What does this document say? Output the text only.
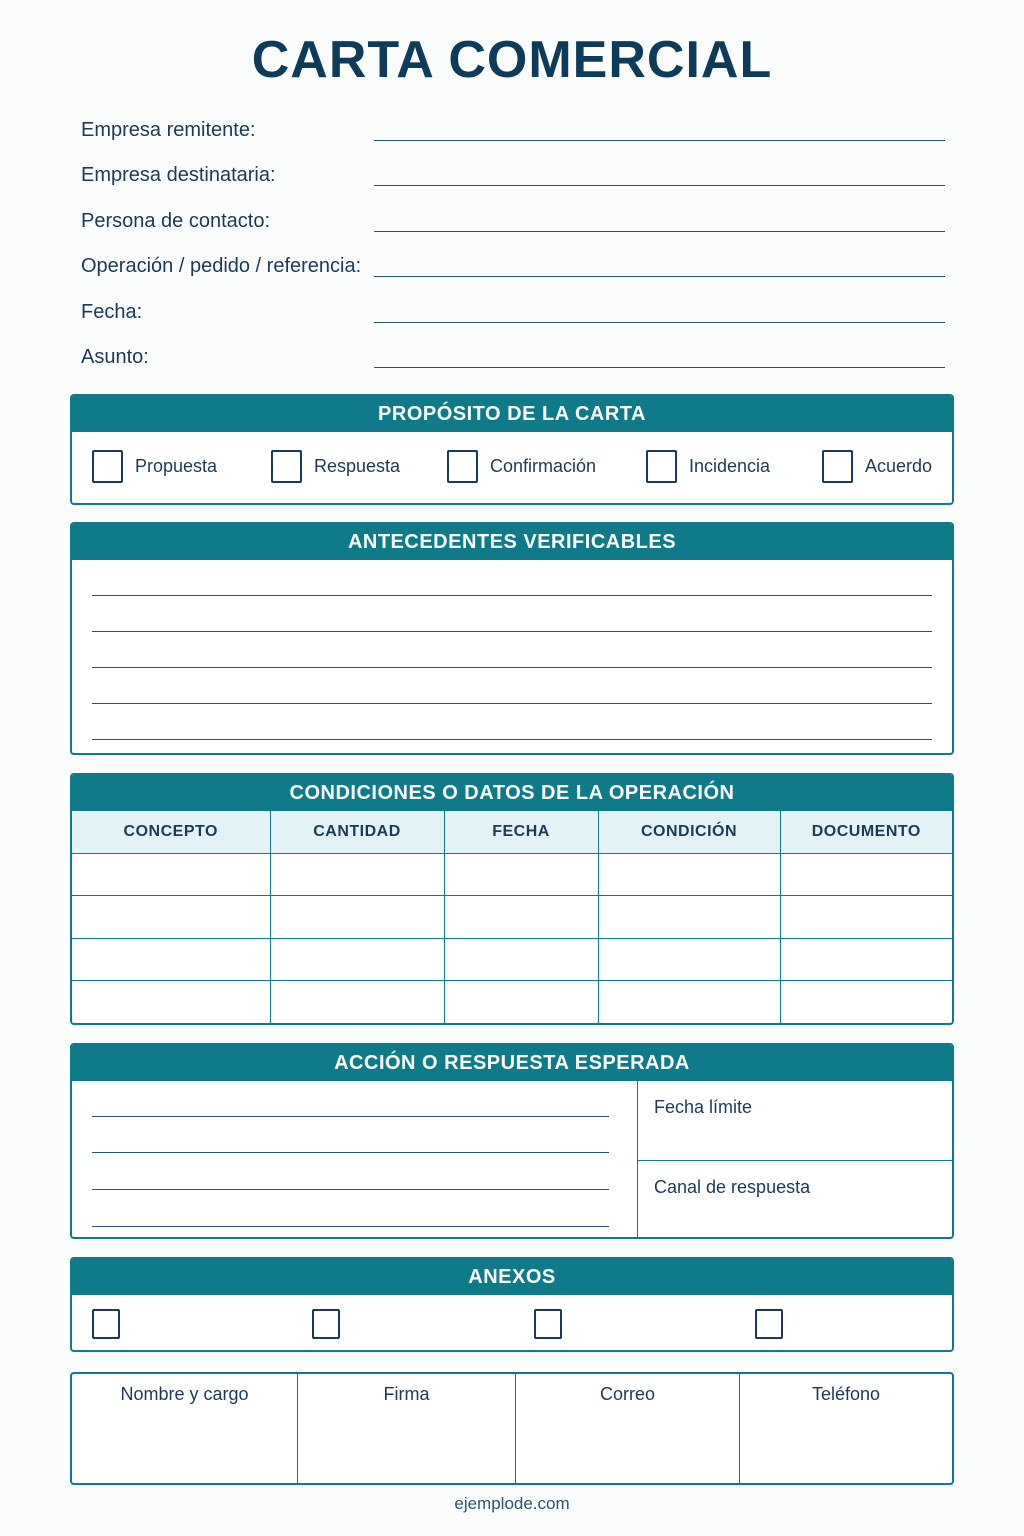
CARTA COMERCIAL
Empresa remitente:
Empresa destinataria:
Persona de contacto:
Operación / pedido / referencia:
Fecha:
Asunto:
PROPÓSITO DE LA CARTA
Propuesta	Respuesta	Confirmación	Incidencia	Acuerdo
ANTECEDENTES VERIFICABLES
CONDICIONES O DATOS DE LA OPERACIÓN
CONCEPTO	CANTIDAD	FECHA	CONDICIÓN	DOCUMENTO

ACCIÓN O RESPUESTA ESPERADA
Fecha límite
Canal de respuesta
ANEXOS
Nombre y cargo	Firma	Correo	Teléfono
ejemplode.com
